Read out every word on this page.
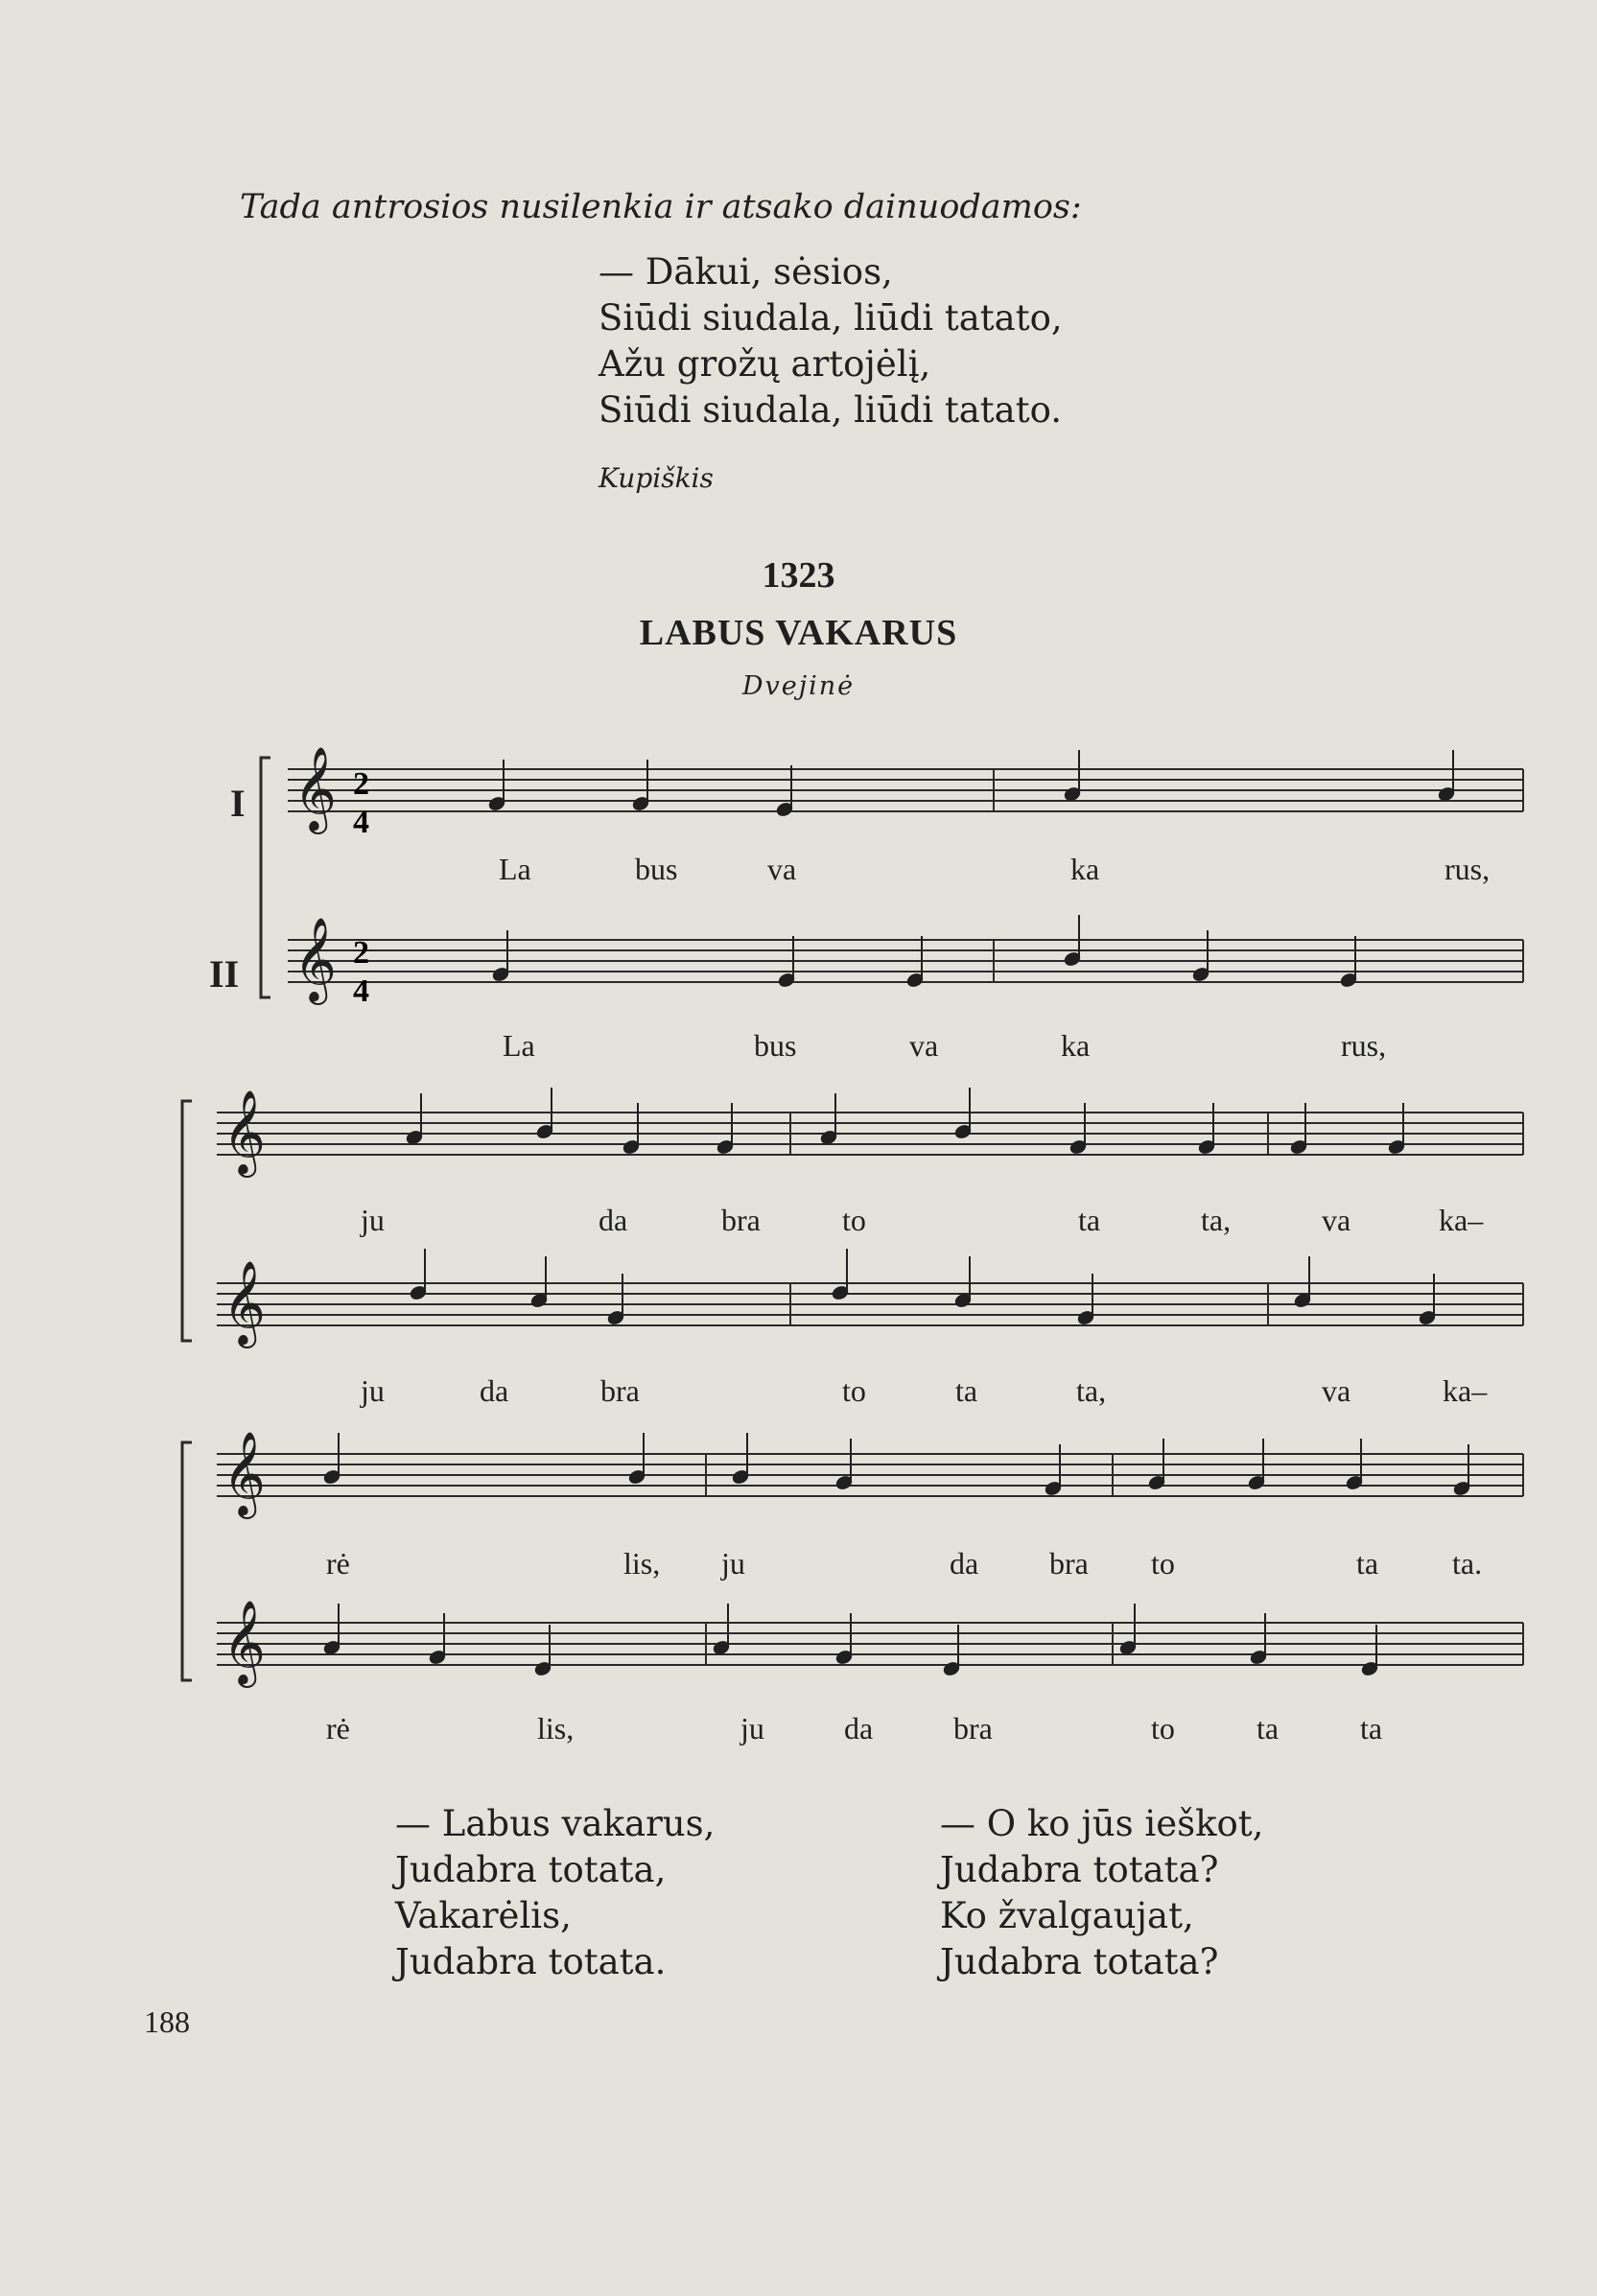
Tada antrosios nusilenkia ir atsako dainuodamos:
— Dākui, sėsios,
Siūdi siudala, liūdi tatato,
Ažu grožų artojėlį,
Siūdi siudala, liūdi tatato.
Kupiškis
1323
LABUS VAKARUS
Dvejinė
I
II
𝄞
𝄞
𝄞
𝄞
𝄞
𝄞
2
4
2
4
La	bus	va	ka	rus,
La	bus	va	ka	rus,
ju	da	bra	to	ta	ta,	va	ka–
ju	da	bra	to	ta	ta,	va	ka–
rė	lis, ju	da bra to	ta ta.
rė	lis,	ju	da	bra	to	ta	ta
— Labus vakarus,
Judabra totata,
Vakarėlis,
Judabra totata.
— O ko jūs ieškot,
Judabra totata?
Ko žvalgaujat,
Judabra totata?
188
